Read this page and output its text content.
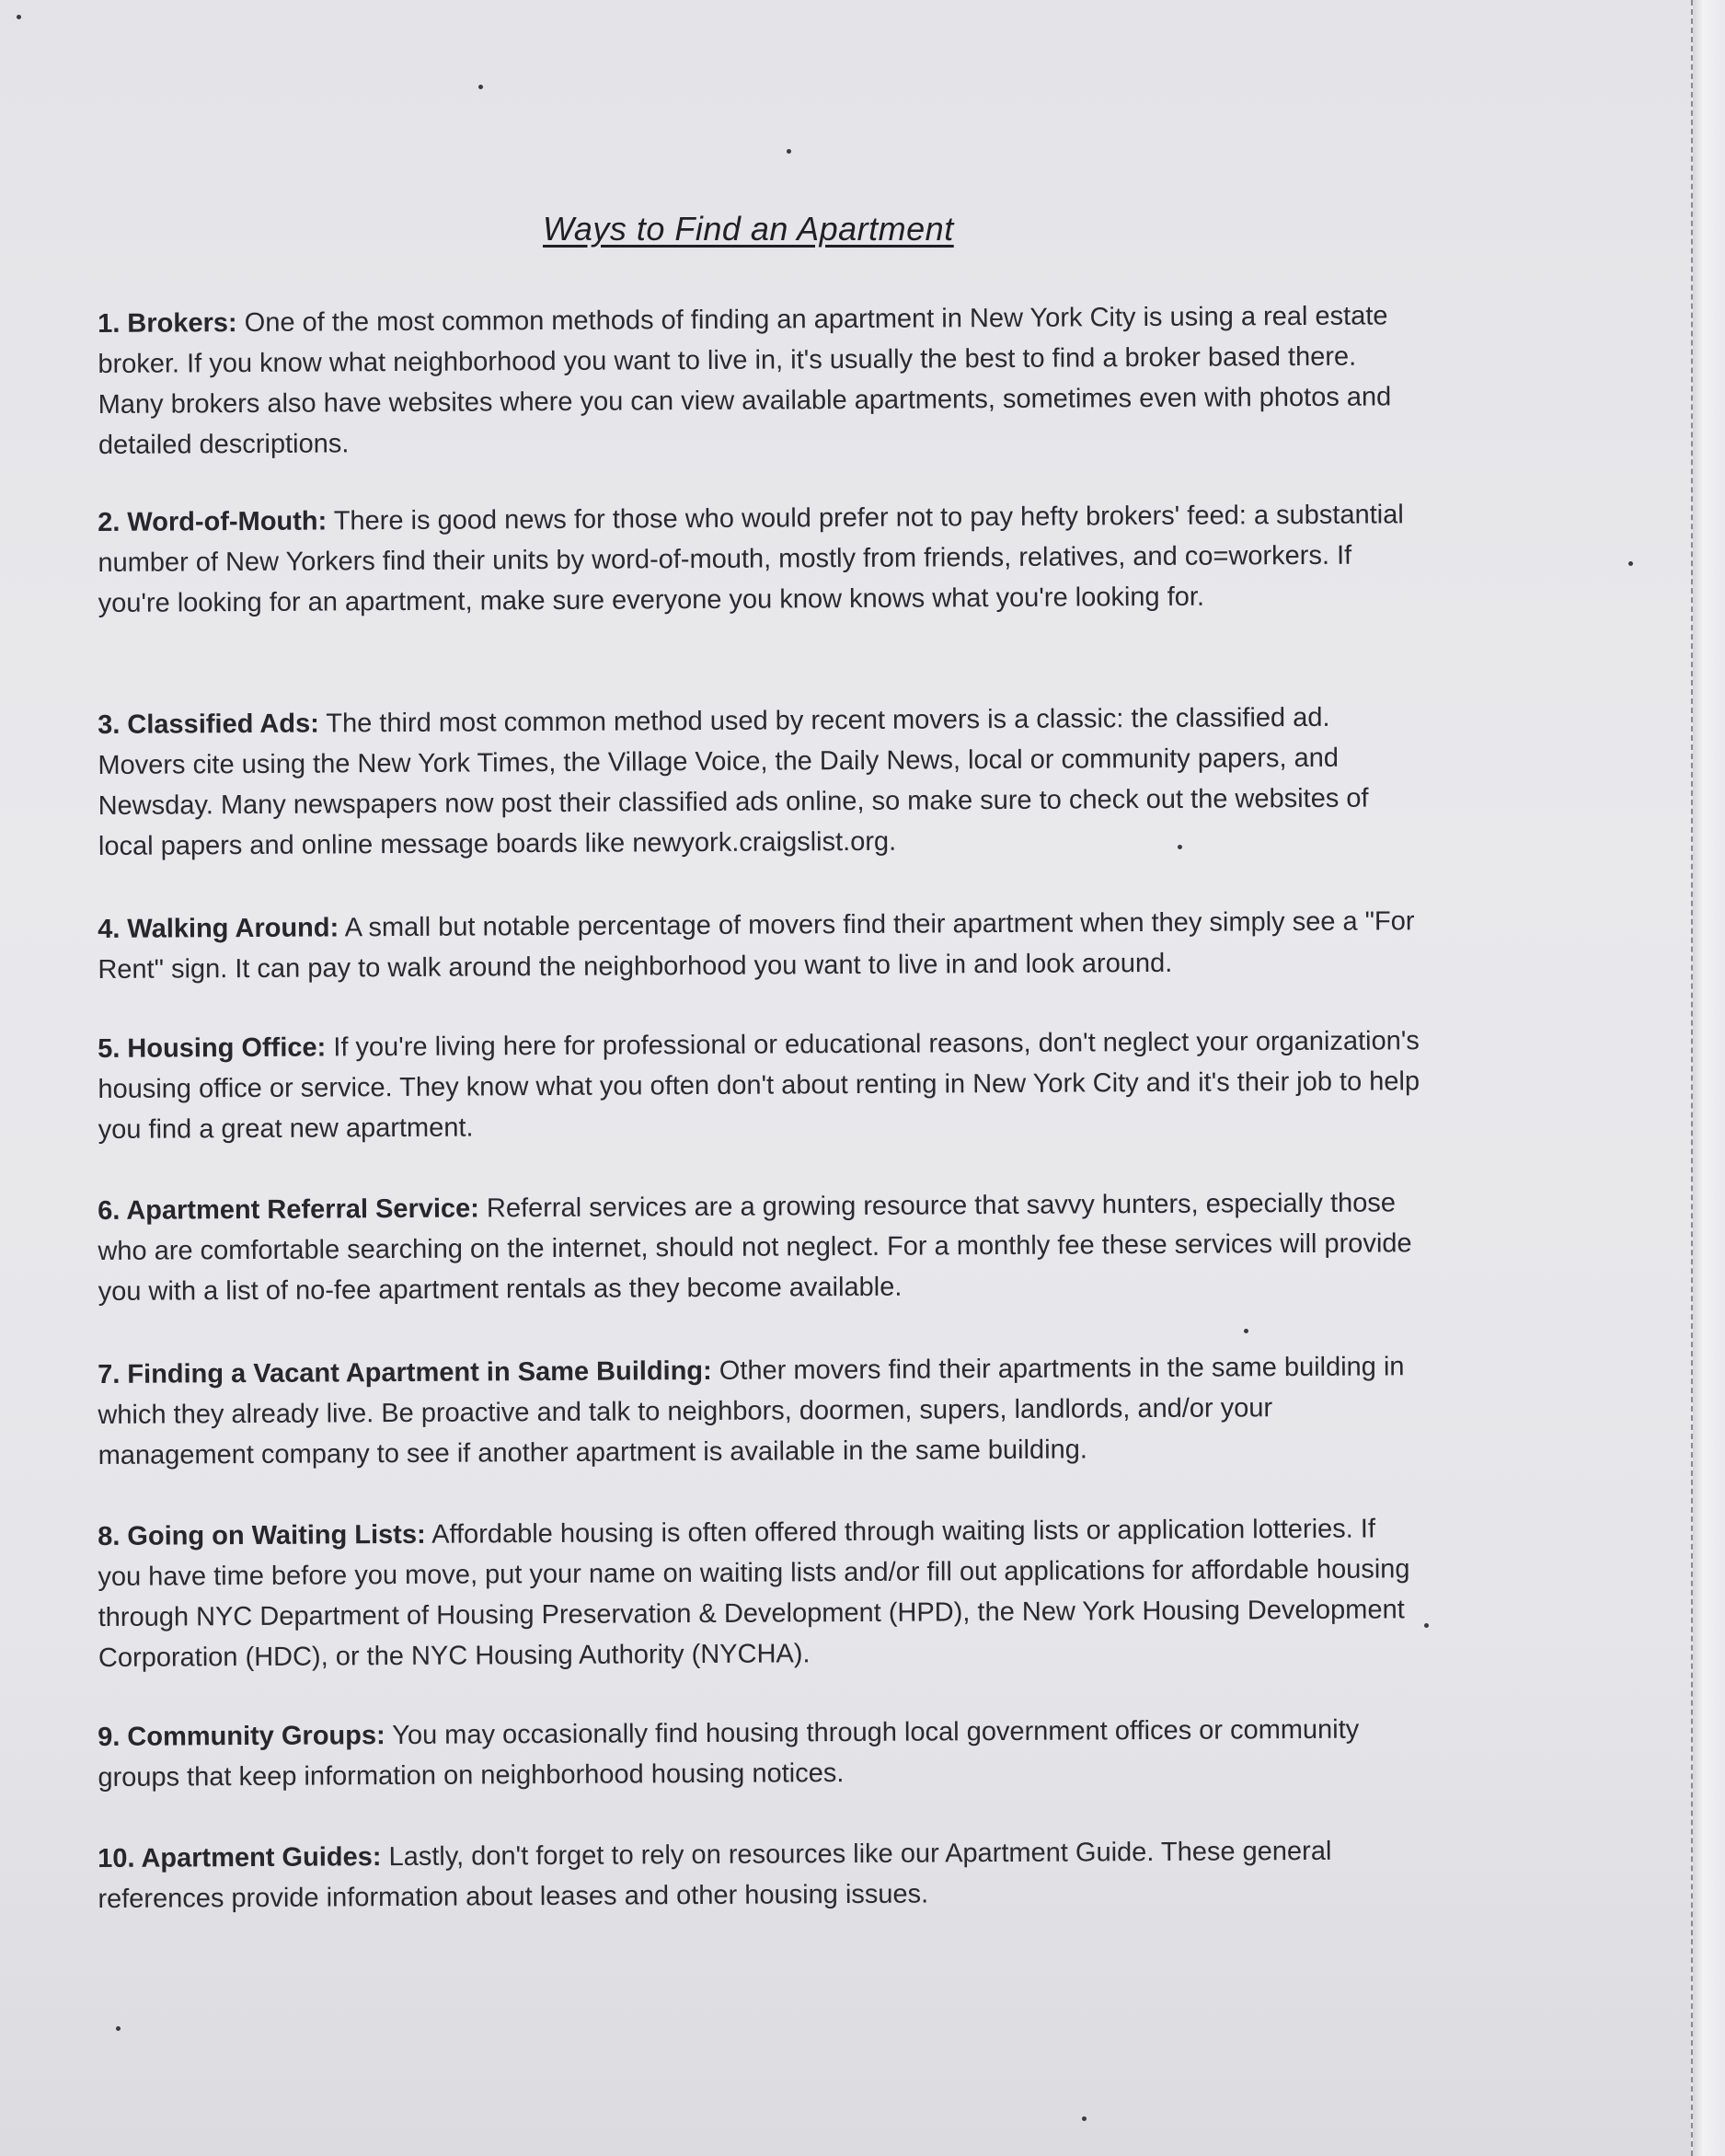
Ways to Find an Apartment

1. Brokers: One of the most common methods of finding an apartment in New York City is using a real estate broker. If you know what neighborhood you want to live in, it's usually the best to find a broker based there. Many brokers also have websites where you can view available apartments, sometimes even with photos and detailed descriptions.

2. Word-of-Mouth: There is good news for those who would prefer not to pay hefty brokers' feed: a substantial number of New Yorkers find their units by word-of-mouth, mostly from friends, relatives, and co=workers. If you're looking for an apartment, make sure everyone you know knows what you're looking for.

3. Classified Ads: The third most common method used by recent movers is a classic: the classified ad. Movers cite using the New York Times, the Village Voice, the Daily News, local or community papers, and Newsday. Many newspapers now post their classified ads online, so make sure to check out the websites of local papers and online message boards like newyork.craigslist.org.

4. Walking Around: A small but notable percentage of movers find their apartment when they simply see a "For Rent" sign. It can pay to walk around the neighborhood you want to live in and look around.

5. Housing Office: If you're living here for professional or educational reasons, don't neglect your organization's housing office or service. They know what you often don't about renting in New York City and it's their job to help you find a great new apartment.

6. Apartment Referral Service: Referral services are a growing resource that savvy hunters, especially those who are comfortable searching on the internet, should not neglect. For a monthly fee these services will provide you with a list of no-fee apartment rentals as they become available.

7. Finding a Vacant Apartment in Same Building: Other movers find their apartments in the same building in which they already live. Be proactive and talk to neighbors, doormen, supers, landlords, and/or your management company to see if another apartment is available in the same building.

8. Going on Waiting Lists: Affordable housing is often offered through waiting lists or application lotteries. If you have time before you move, put your name on waiting lists and/or fill out applications for affordable housing through NYC Department of Housing Preservation & Development (HPD), the New York Housing Development Corporation (HDC), or the NYC Housing Authority (NYCHA).

9. Community Groups: You may occasionally find housing through local government offices or community groups that keep information on neighborhood housing notices.

10. Apartment Guides: Lastly, don't forget to rely on resources like our Apartment Guide. These general references provide information about leases and other housing issues.
